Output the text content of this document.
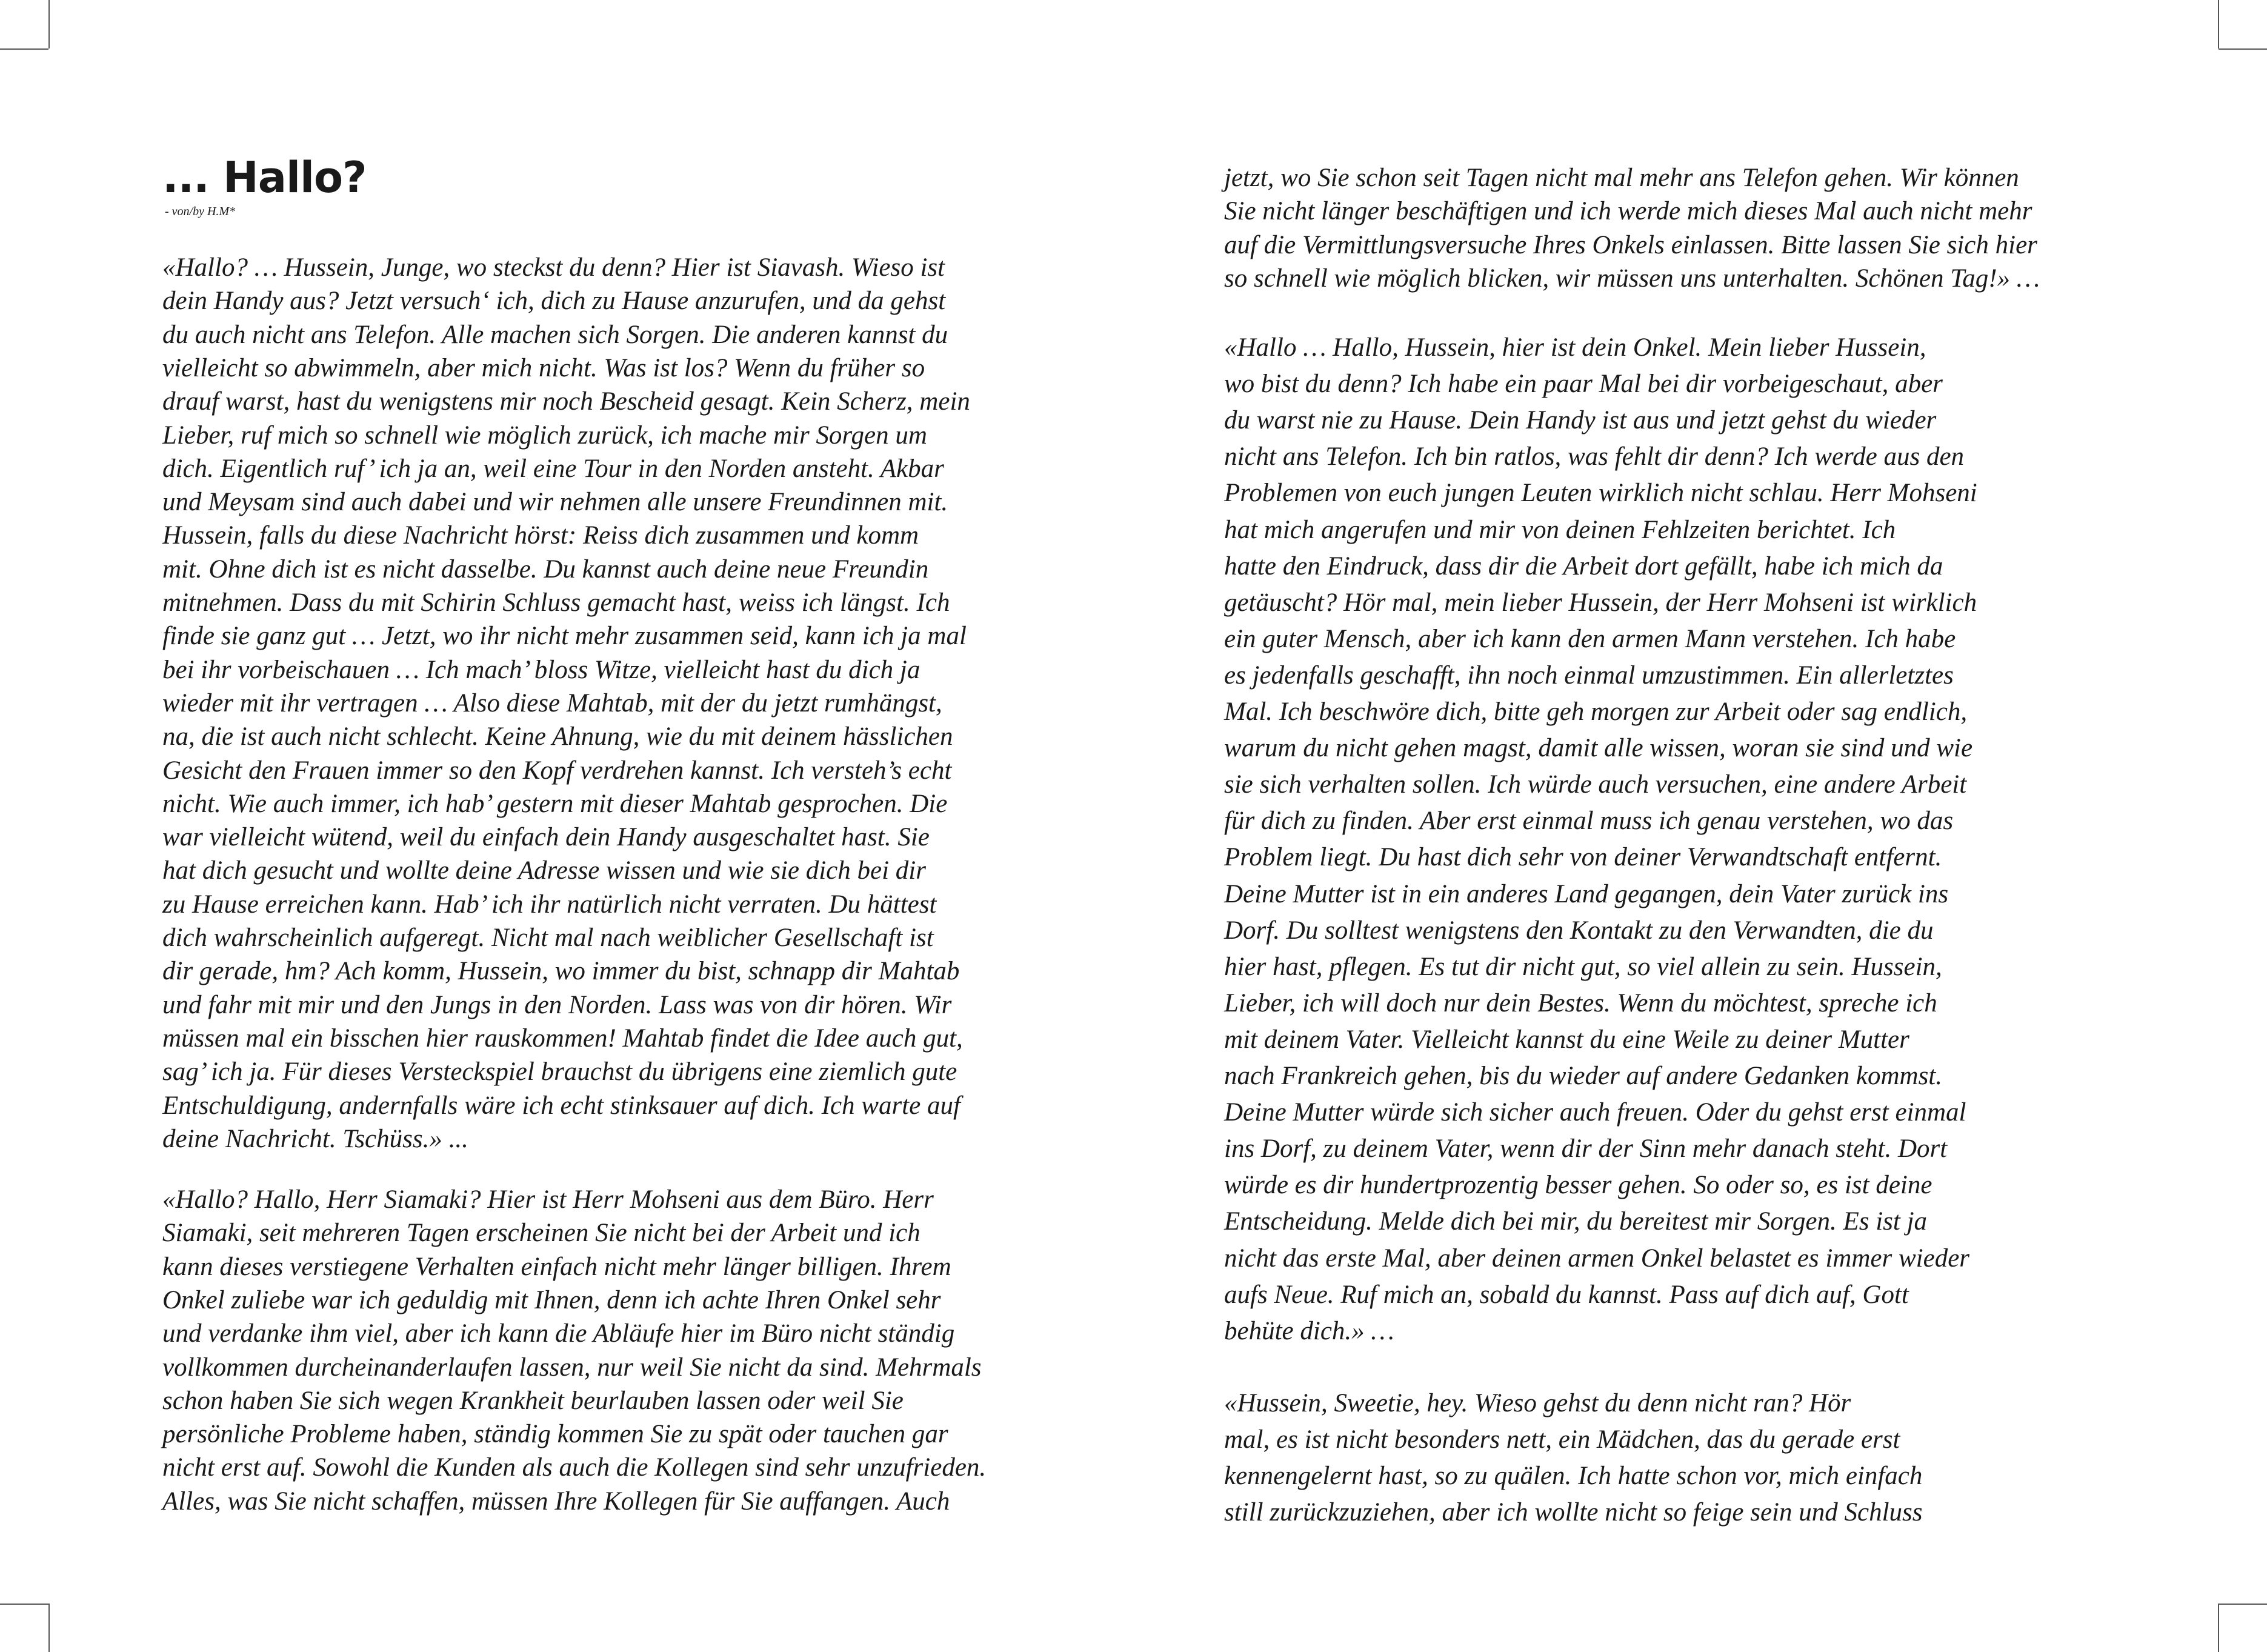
... Hallo?

- von/by H.M*

«Hallo? … Hussein, Junge, wo steckst du denn? Hier ist Siavash. Wieso ist
dein Handy aus? Jetzt versuch‘ ich, dich zu Hause anzurufen, und da gehst
du auch nicht ans Telefon. Alle machen sich Sorgen. Die anderen kannst du
vielleicht so abwimmeln, aber mich nicht. Was ist los? Wenn du früher so
drauf warst, hast du wenigstens mir noch Bescheid gesagt. Kein Scherz, mein
Lieber, ruf mich so schnell wie möglich zurück, ich mache mir Sorgen um
dich. Eigentlich ruf’ ich ja an, weil eine Tour in den Norden ansteht. Akbar
und Meysam sind auch dabei und wir nehmen alle unsere Freundinnen mit.
Hussein, falls du diese Nachricht hörst: Reiss dich zusammen und komm
mit. Ohne dich ist es nicht dasselbe. Du kannst auch deine neue Freundin
mitnehmen. Dass du mit Schirin Schluss gemacht hast, weiss ich längst. Ich
finde sie ganz gut … Jetzt, wo ihr nicht mehr zusammen seid, kann ich ja mal
bei ihr vorbeischauen … Ich mach’ bloss Witze, vielleicht hast du dich ja
wieder mit ihr vertragen … Also diese Mahtab, mit der du jetzt rumhängst,
na, die ist auch nicht schlecht. Keine Ahnung, wie du mit deinem hässlichen
Gesicht den Frauen immer so den Kopf verdrehen kannst. Ich versteh’s echt
nicht. Wie auch immer, ich hab’ gestern mit dieser Mahtab gesprochen. Die
war vielleicht wütend, weil du einfach dein Handy ausgeschaltet hast. Sie
hat dich gesucht und wollte deine Adresse wissen und wie sie dich bei dir
zu Hause erreichen kann. Hab’ ich ihr natürlich nicht verraten. Du hättest
dich wahrscheinlich aufgeregt. Nicht mal nach weiblicher Gesellschaft ist
dir gerade, hm? Ach komm, Hussein, wo immer du bist, schnapp dir Mahtab
und fahr mit mir und den Jungs in den Norden. Lass was von dir hören. Wir
müssen mal ein bisschen hier rauskommen! Mahtab findet die Idee auch gut,
sag’ ich ja. Für dieses Versteckspiel brauchst du übrigens eine ziemlich gute
Entschuldigung, andernfalls wäre ich echt stinksauer auf dich. Ich warte auf
deine Nachricht. Tschüss.» ...
«Hallo? Hallo, Herr Siamaki? Hier ist Herr Mohseni aus dem Büro. Herr
Siamaki, seit mehreren Tagen erscheinen Sie nicht bei der Arbeit und ich
kann dieses verstiegene Verhalten einfach nicht mehr länger billigen. Ihrem
Onkel zuliebe war ich geduldig mit Ihnen, denn ich achte Ihren Onkel sehr
und verdanke ihm viel, aber ich kann die Abläufe hier im Büro nicht ständig
vollkommen durcheinanderlaufen lassen, nur weil Sie nicht da sind. Mehrmals
schon haben Sie sich wegen Krankheit beurlauben lassen oder weil Sie
persönliche Probleme haben, ständig kommen Sie zu spät oder tauchen gar
nicht erst auf. Sowohl die Kunden als auch die Kollegen sind sehr unzufrieden.
Alles, was Sie nicht schaffen, müssen Ihre Kollegen für Sie auffangen. Auch
jetzt, wo Sie schon seit Tagen nicht mal mehr ans Telefon gehen. Wir können
Sie nicht länger beschäftigen und ich werde mich dieses Mal auch nicht mehr
auf die Vermittlungsversuche Ihres Onkels einlassen. Bitte lassen Sie sich hier
so schnell wie möglich blicken, wir müssen uns unterhalten. Schönen Tag!» …
«Hallo … Hallo, Hussein, hier ist dein Onkel. Mein lieber Hussein,
wo bist du denn? Ich habe ein paar Mal bei dir vorbeigeschaut, aber
du warst nie zu Hause. Dein Handy ist aus und jetzt gehst du wieder
nicht ans Telefon. Ich bin ratlos, was fehlt dir denn? Ich werde aus den
Problemen von euch jungen Leuten wirklich nicht schlau. Herr Mohseni
hat mich angerufen und mir von deinen Fehlzeiten berichtet. Ich
hatte den Eindruck, dass dir die Arbeit dort gefällt, habe ich mich da
getäuscht? Hör mal, mein lieber Hussein, der Herr Mohseni ist wirklich
ein guter Mensch, aber ich kann den armen Mann verstehen. Ich habe
es jedenfalls geschafft, ihn noch einmal umzustimmen. Ein allerletztes
Mal. Ich beschwöre dich, bitte geh morgen zur Arbeit oder sag endlich,
warum du nicht gehen magst, damit alle wissen, woran sie sind und wie
sie sich verhalten sollen. Ich würde auch versuchen, eine andere Arbeit
für dich zu finden. Aber erst einmal muss ich genau verstehen, wo das
Problem liegt. Du hast dich sehr von deiner Verwandtschaft entfernt.
Deine Mutter ist in ein anderes Land gegangen, dein Vater zurück ins
Dorf. Du solltest wenigstens den Kontakt zu den Verwandten, die du
hier hast, pflegen. Es tut dir nicht gut, so viel allein zu sein. Hussein,
Lieber, ich will doch nur dein Bestes. Wenn du möchtest, spreche ich
mit deinem Vater. Vielleicht kannst du eine Weile zu deiner Mutter
nach Frankreich gehen, bis du wieder auf andere Gedanken kommst.
Deine Mutter würde sich sicher auch freuen. Oder du gehst erst einmal
ins Dorf, zu deinem Vater, wenn dir der Sinn mehr danach steht. Dort
würde es dir hundertprozentig besser gehen. So oder so, es ist deine
Entscheidung. Melde dich bei mir, du bereitest mir Sorgen. Es ist ja
nicht das erste Mal, aber deinen armen Onkel belastet es immer wieder
aufs Neue. Ruf mich an, sobald du kannst. Pass auf dich auf, Gott
behüte dich.» …
«Hussein, Sweetie, hey. Wieso gehst du denn nicht ran? Hör
mal, es ist nicht besonders nett, ein Mädchen, das du gerade erst
kennengelernt hast, so zu quälen. Ich hatte schon vor, mich einfach
still zurückzuziehen, aber ich wollte nicht so feige sein und Schluss
